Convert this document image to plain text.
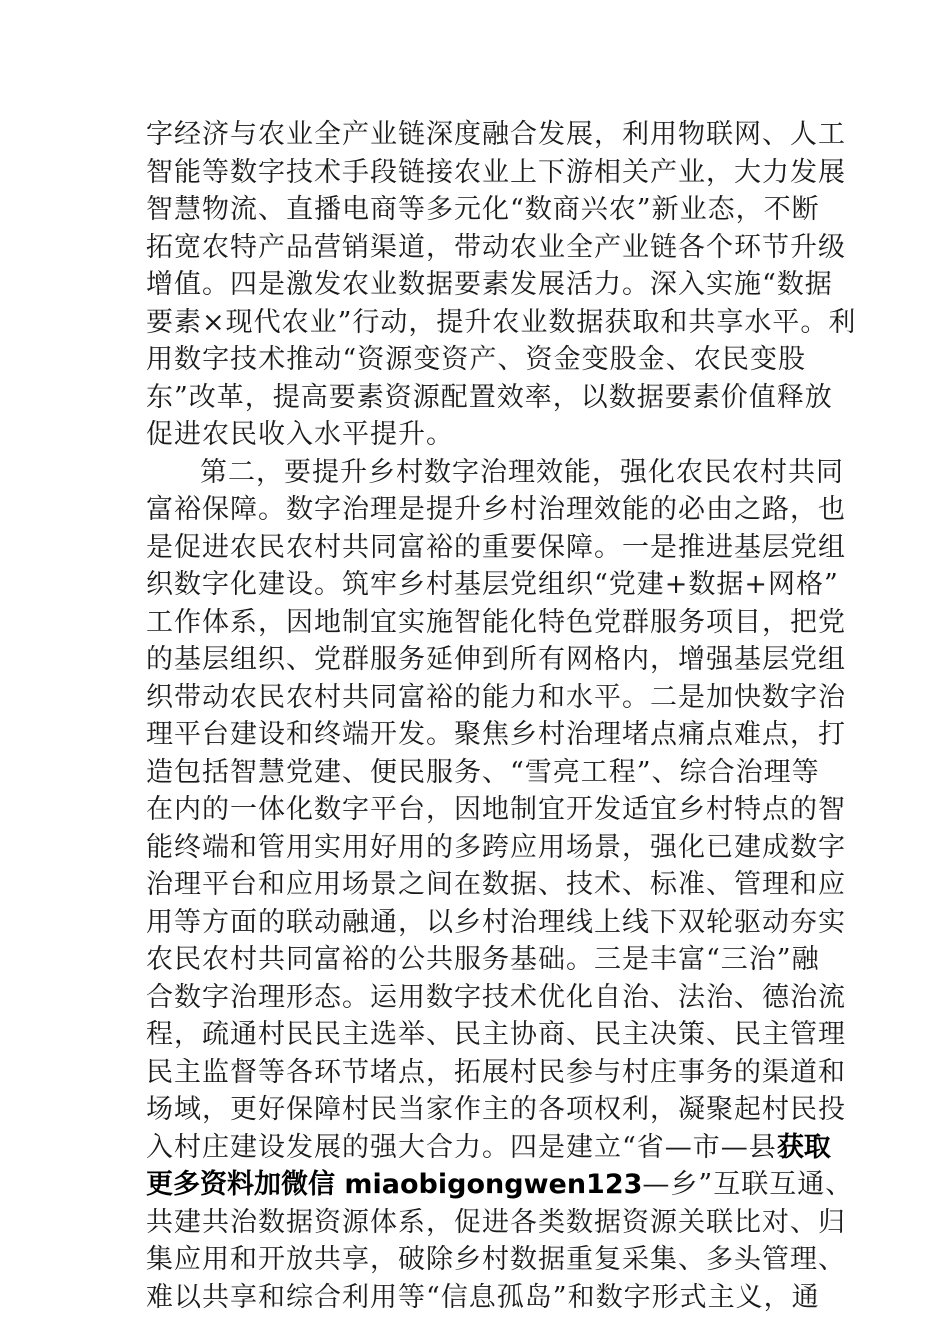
字经济与农业全产业链深度融合发展，利用物联网、人工
智能等数字技术手段链接农业上下游相关产业，大力发展
智慧物流、直播电商等多元化“数商兴农”新业态，不断
拓宽农特产品营销渠道，带动农业全产业链各个环节升级
增值。四是激发农业数据要素发展活力。深入实施“数据
要素×现代农业”行动，提升农业数据获取和共享水平。利
用数字技术推动“资源变资产、资金变股金、农民变股
东”改革，提高要素资源配置效率，以数据要素价值释放
促进农民收入水平提升。
第二，要提升乡村数字治理效能，强化农民农村共同
富裕保障。数字治理是提升乡村治理效能的必由之路，也
是促进农民农村共同富裕的重要保障。一是推进基层党组
织数字化建设。筑牢乡村基层党组织“党建+数据+网格”
工作体系，因地制宜实施智能化特色党群服务项目，把党
的基层组织、党群服务延伸到所有网格内，增强基层党组
织带动农民农村共同富裕的能力和水平。二是加快数字治
理平台建设和终端开发。聚焦乡村治理堵点痛点难点，打
造包括智慧党建、便民服务、“雪亮工程”、综合治理等
在内的一体化数字平台，因地制宜开发适宜乡村特点的智
能终端和管用实用好用的多跨应用场景，强化已建成数字
治理平台和应用场景之间在数据、技术、标准、管理和应
用等方面的联动融通，以乡村治理线上线下双轮驱动夯实
农民农村共同富裕的公共服务基础。三是丰富“三治”融
合数字治理形态。运用数字技术优化自治、法治、德治流
程，疏通村民民主选举、民主协商、民主决策、民主管理
民主监督等各环节堵点，拓展村民参与村庄事务的渠道和
场域，更好保障村民当家作主的各项权利，凝聚起村民投
入村庄建设发展的强大合力。四是建立“省—市—县获取
更多资料加微信 miaobigongwen123—乡”互联互通、
共建共治数据资源体系，促进各类数据资源关联比对、归
集应用和开放共享，破除乡村数据重复采集、多头管理、
难以共享和综合利用等“信息孤岛”和数字形式主义，通
